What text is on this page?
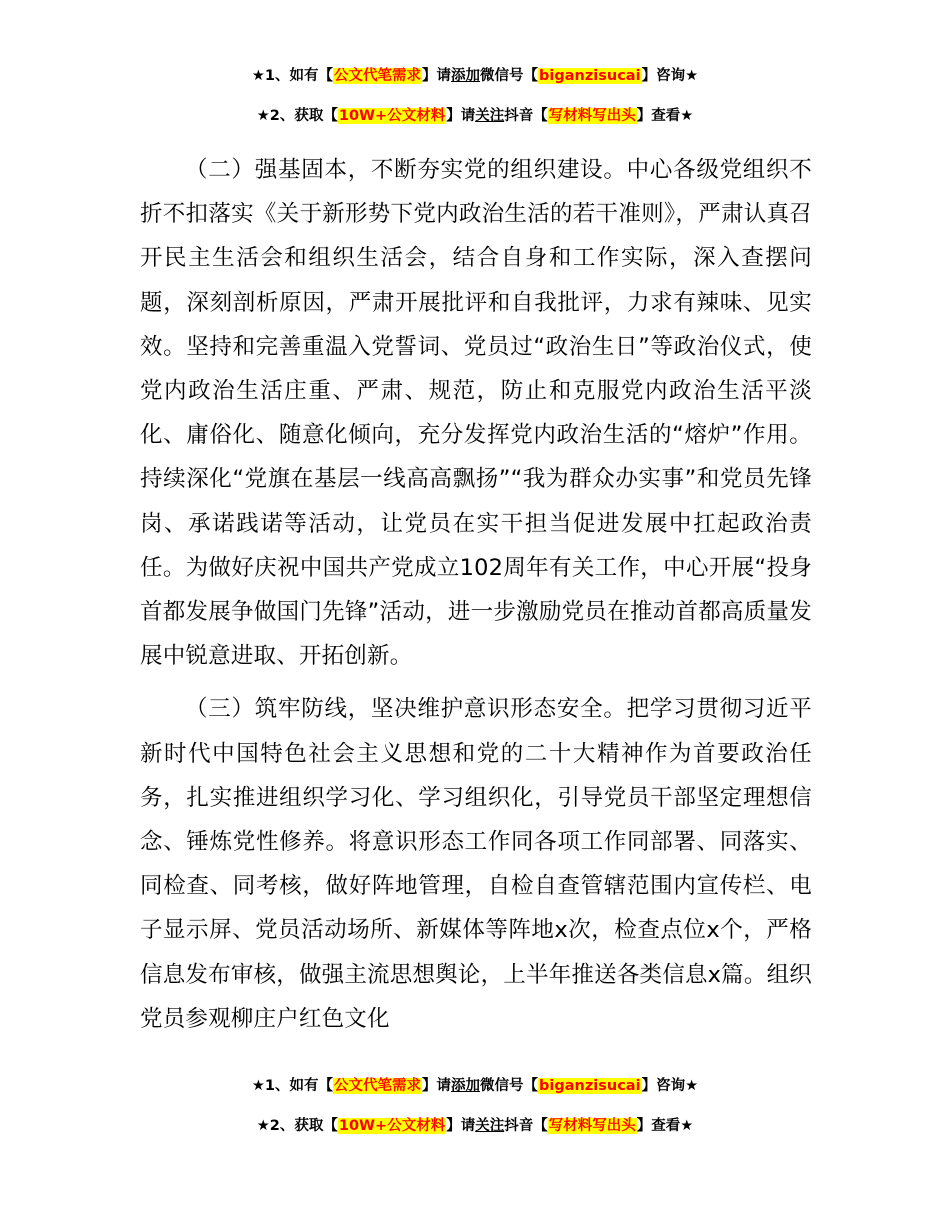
★1、如有【公文代笔需求】请添加微信号【biganzisucai】咨询★
★2、获取【10W+公文材料】请关注抖音【写材料写出头】查看★

（二）强基固本，不断夯实党的组织建设。中心各级党组织不折不扣落实《关于新形势下党内政治生活的若干准则》，严肃认真召开民主生活会和组织生活会，结合自身和工作实际，深入查摆问题，深刻剖析原因，严肃开展批评和自我批评，力求有辣味、见实效。坚持和完善重温入党誓词、党员过“政治生日”等政治仪式，使党内政治生活庄重、严肃、规范，防止和克服党内政治生活平淡化、庸俗化、随意化倾向，充分发挥党内政治生活的“熔炉”作用。持续深化“党旗在基层一线高高飘扬”“我为群众办实事”和党员先锋岗、承诺践诺等活动，让党员在实干担当促进发展中扛起政治责任。为做好庆祝中国共产党成立102周年有关工作，中心开展“投身首都发展争做国门先锋”活动，进一步激励党员在推动首都高质量发展中锐意进取、开拓创新。

（三）筑牢防线，坚决维护意识形态安全。把学习贯彻习近平新时代中国特色社会主义思想和党的二十大精神作为首要政治任务，扎实推进组织学习化、学习组织化，引导党员干部坚定理想信念、锤炼党性修养。将意识形态工作同各项工作同部署、同落实、同检查、同考核，做好阵地管理，自检自查管辖范围内宣传栏、电子显示屏、党员活动场所、新媒体等阵地x次，检查点位x个，严格信息发布审核，做强主流思想舆论，上半年推送各类信息x篇。组织党员参观柳庄户红色文化

★1、如有【公文代笔需求】请添加微信号【biganzisucai】咨询★
★2、获取【10W+公文材料】请关注抖音【写材料写出头】查看★
